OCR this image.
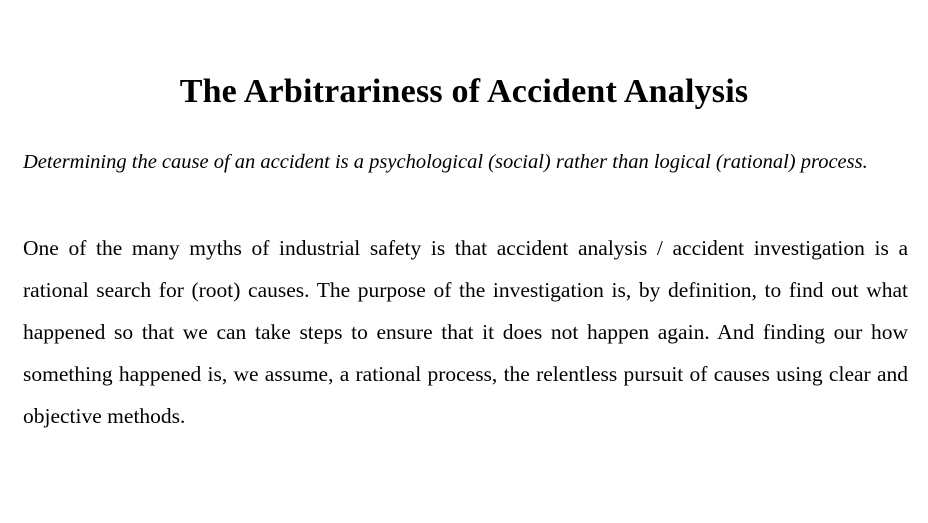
The Arbitrariness of Accident Analysis

Determining the cause of an accident is a psychological (social) rather than logical (rational) process.

One of the many myths of industrial safety is that accident analysis / accident investigation is a rational search for (root) causes. The purpose of the investigation is, by definition, to find out what happened so that we can take steps to ensure that it does not happen again. And finding our how something happened is, we assume, a rational process, the relentless pursuit of causes using clear and objective methods.
